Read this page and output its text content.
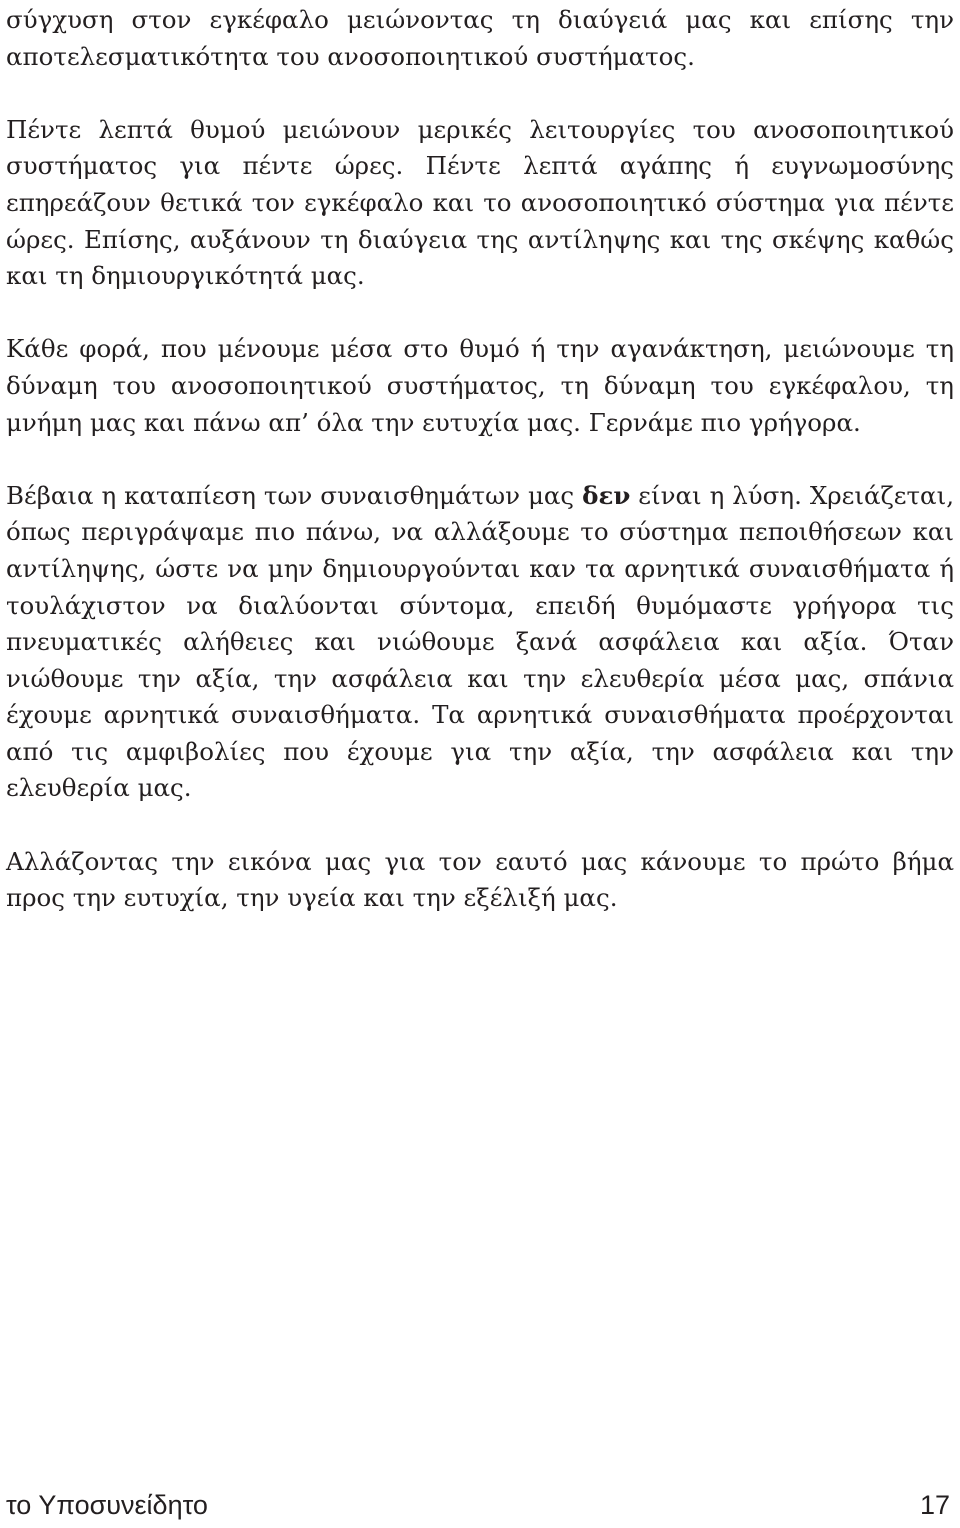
σύγχυση στον εγκέφαλο μειώνοντας τη διαύγειά μας και επίσης την αποτελεσματικότητα του ανοσοποιητικού συστήματος.

Πέντε λεπτά θυμού μειώνουν μερικές λειτουργίες του ανοσοποιητικού συστήματος για πέντε ώρες. Πέντε λεπτά αγάπης ή ευγνωμοσύνης επηρεάζουν θετικά τον εγκέφαλο και το ανοσοποιητικό σύστημα για πέντε ώρες. Επίσης, αυξάνουν τη διαύγεια της αντίληψης και της σκέψης καθώς και τη δημιουργικότητά μας.

Κάθε φορά, που μένουμε μέσα στο θυμό ή την αγανάκτηση, μειώνουμε τη δύναμη του ανοσοποιητικού συστήματος, τη δύναμη του εγκέφαλου, τη μνήμη μας και πάνω απ’ όλα την ευτυχία μας. Γερνάμε πιο γρήγορα.

Βέβαια η καταπίεση των συναισθημάτων μας δεν είναι η λύση. Χρειάζεται, όπως περιγράψαμε πιο πάνω, να αλλάξουμε το σύστημα πεποιθήσεων και αντίληψης, ώστε να μην δημιουργούνται καν τα αρνητικά συναισθήματα ή τουλάχιστον να διαλύονται σύντομα, επειδή θυμόμαστε γρήγορα τις πνευματικές αλήθειες και νιώθουμε ξανά ασφάλεια και αξία. Όταν νιώθουμε την αξία, την ασφάλεια και την ελευθερία μέσα μας, σπάνια έχουμε αρνητικά συναισθήματα. Τα αρνητικά συναισθήματα προέρχονται από τις αμφιβολίες που έχουμε για την αξία, την ασφάλεια και την ελευθερία μας.

Αλλάζοντας την εικόνα μας για τον εαυτό μας κάνουμε το πρώτο βήμα προς την ευτυχία, την υγεία και την εξέλιξή μας.

το Υποσυνείδητο	17
